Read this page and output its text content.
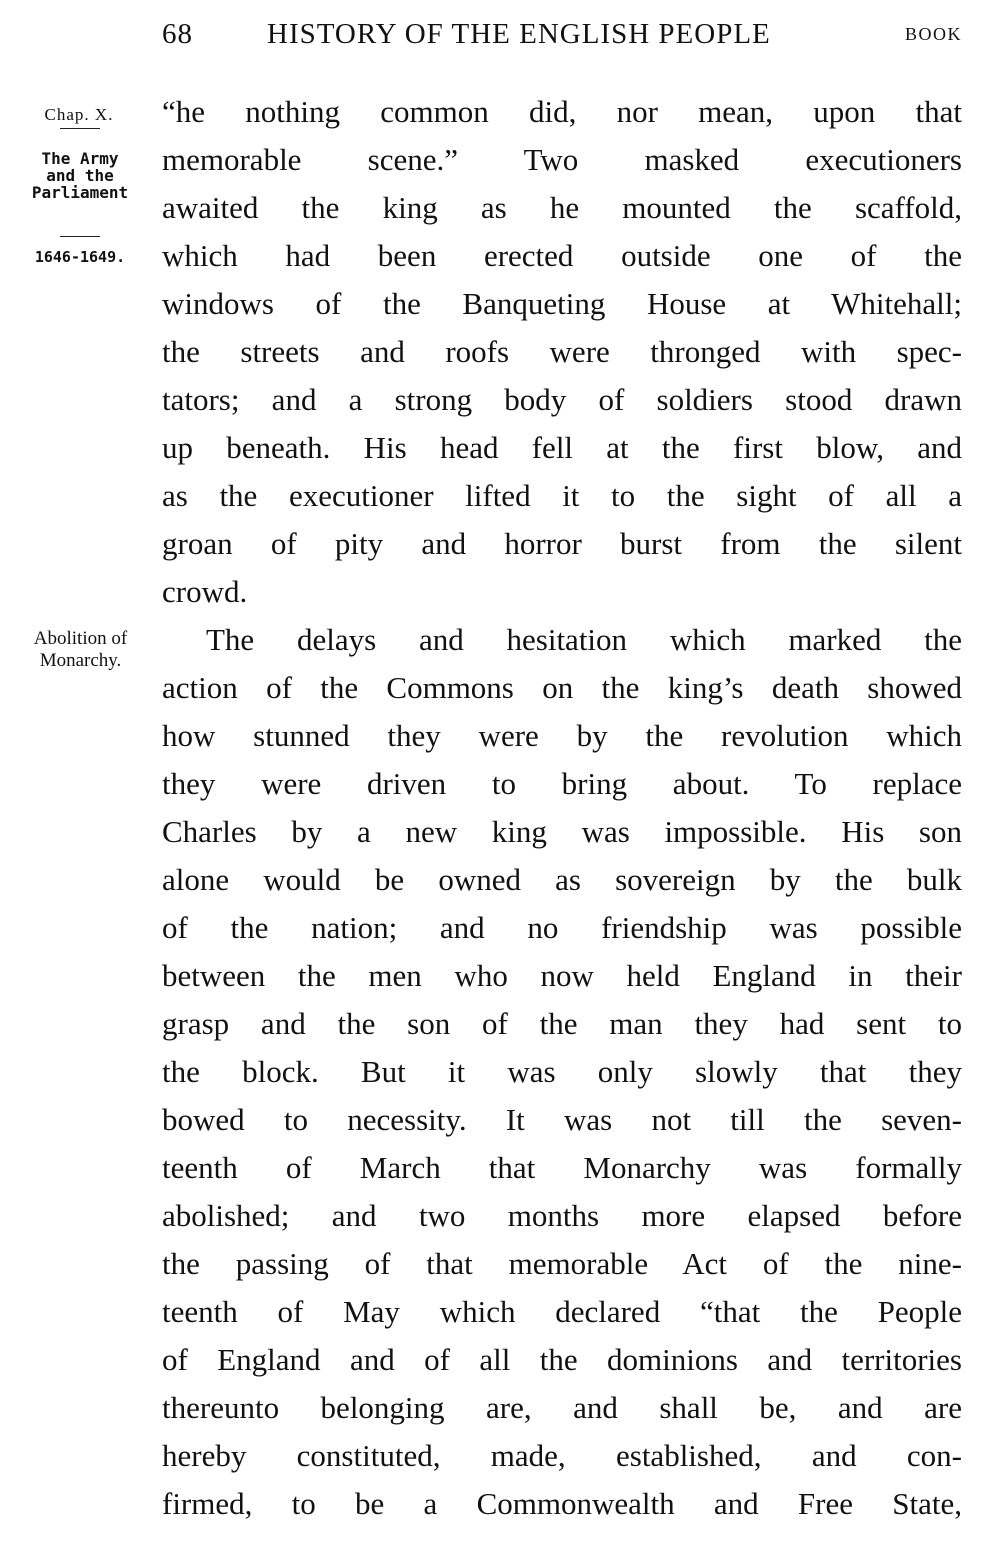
68	HISTORY OF THE ENGLISH PEOPLE	BOOK
Chap. X.
The Army
and the
Parliament
1646-1649.
Abolition of
Monarchy.
“he nothing common did, nor mean, upon that
memorable scene.” Two masked executioners
awaited the king as he mounted the scaffold,
which had been erected outside one of the
windows of the Banqueting House at Whitehall;
the streets and roofs were thronged with spec-
tators; and a strong body of soldiers stood drawn
up beneath. His head fell at the first blow, and
as the executioner lifted it to the sight of all a
groan of pity and horror burst from the silent
crowd.
The delays and hesitation which marked the
action of the Commons on the king’s death showed
how stunned they were by the revolution which
they were driven to bring about. To replace
Charles by a new king was impossible. His son
alone would be owned as sovereign by the bulk
of the nation; and no friendship was possible
between the men who now held England in their
grasp and the son of the man they had sent to
the block. But it was only slowly that they
bowed to necessity. It was not till the seven-
teenth of March that Monarchy was formally
abolished; and two months more elapsed before
the passing of that memorable Act of the nine-
teenth of May which declared “that the People
of England and of all the dominions and territories
thereunto belonging are, and shall be, and are
hereby constituted, made, established, and con-
firmed, to be a Commonwealth and Free State,
